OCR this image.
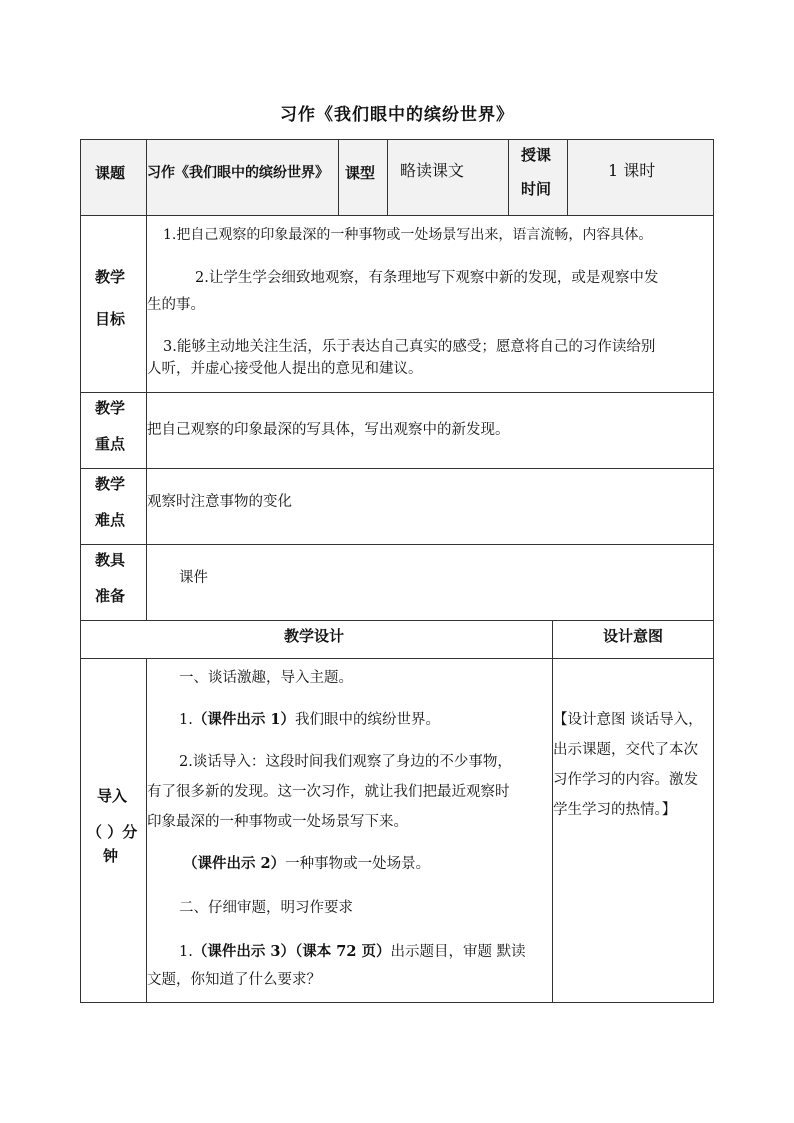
习作《我们眼中的缤纷世界》
课题 习作《我们眼中的缤纷世界》 课型 略读课文
授课
时间
1 课时
教学
目标
1.把自己观察的印象最深的一种事物或一处场景写出来，语言流畅，内容具体。
2.让学生学会细致地观察，有条理地写下观察中新的发现，或是观察中发
生的事。
3.能够主动地关注生活，乐于表达自己真实的感受；愿意将自己的习作读给别
人听，并虚心接受他人提出的意见和建议。
教学
重点
把自己观察的印象最深的写具体，写出观察中的新发现。
教学
难点
观察时注意事物的变化
教具
准备
课件
教学设计	设计意图
导入
（ ）分
钟
一、谈话激趣，导入主题。
1.（课件出示 1）我们眼中的缤纷世界。
2.谈话导入：这段时间我们观察了身边的不少事物，
有了很多新的发现。这一次习作，就让我们把最近观察时
印象最深的一种事物或一处场景写下来。
（课件出示 2）一种事物或一处场景。
二、仔细审题，明习作要求
1.（课件出示 3）（课本 72 页）出示题目，审题 默读
文题，你知道了什么要求？
【设计意图 谈话导入，
出示课题，交代了本次
习作学习的内容。激发
学生学习的热情。】
